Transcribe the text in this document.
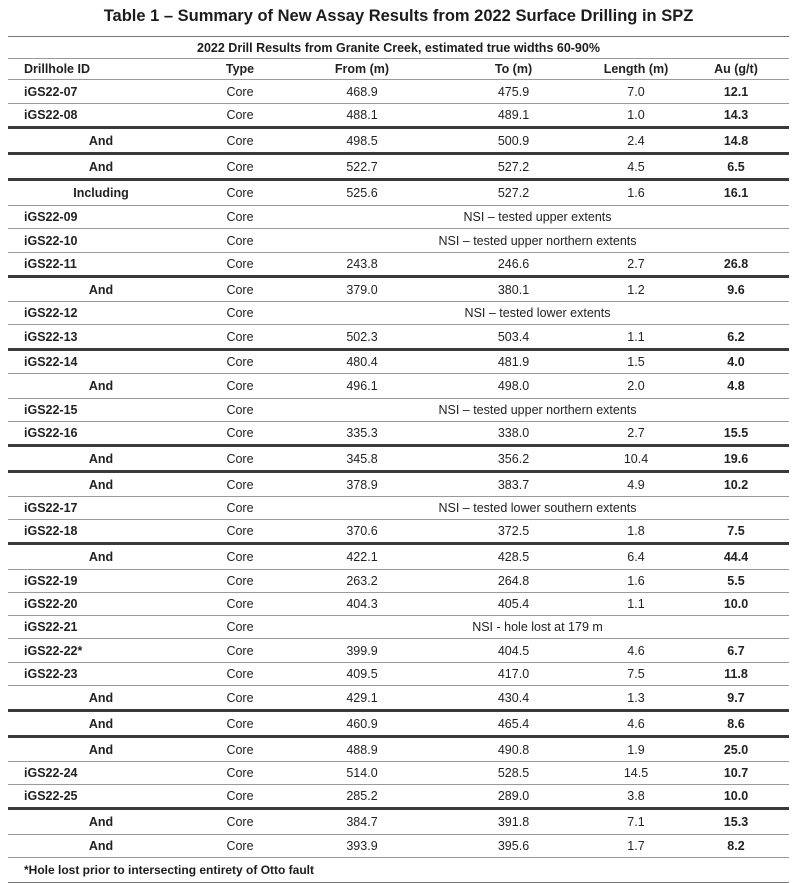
Table 1 – Summary of New Assay Results from 2022 Surface Drilling in SPZ
2022 Drill Results from Granite Creek, estimated true widths 60-90%
Drillhole ID	Type	From (m)	To (m)	Length (m)	Au (g/t)
iGS22-07	Core	468.9	475.9	7.0	12.1
iGS22-08	Core	488.1	489.1	1.0	14.3
And	Core	498.5	500.9	2.4	14.8
And	Core	522.7	527.2	4.5	6.5
Including	Core	525.6	527.2	1.6	16.1
iGS22-09	Core	NSI – tested upper extents
iGS22-10	Core	NSI – tested upper northern extents
iGS22-11	Core	243.8	246.6	2.7	26.8
And	Core	379.0	380.1	1.2	9.6
iGS22-12	Core	NSI – tested lower extents
iGS22-13	Core	502.3	503.4	1.1	6.2
iGS22-14	Core	480.4	481.9	1.5	4.0
And	Core	496.1	498.0	2.0	4.8
iGS22-15	Core	NSI – tested upper northern extents
iGS22-16	Core	335.3	338.0	2.7	15.5
And	Core	345.8	356.2	10.4	19.6
And	Core	378.9	383.7	4.9	10.2
iGS22-17	Core	NSI – tested lower southern extents
iGS22-18	Core	370.6	372.5	1.8	7.5
And	Core	422.1	428.5	6.4	44.4
iGS22-19	Core	263.2	264.8	1.6	5.5
iGS22-20	Core	404.3	405.4	1.1	10.0
iGS22-21	Core	NSI - hole lost at 179 m
iGS22-22*	Core	399.9	404.5	4.6	6.7
iGS22-23	Core	409.5	417.0	7.5	11.8
And	Core	429.1	430.4	1.3	9.7
And	Core	460.9	465.4	4.6	8.6
And	Core	488.9	490.8	1.9	25.0
iGS22-24	Core	514.0	528.5	14.5	10.7
iGS22-25	Core	285.2	289.0	3.8	10.0
And	Core	384.7	391.8	7.1	15.3
And	Core	393.9	395.6	1.7	8.2
*Hole lost prior to intersecting entirety of Otto fault
